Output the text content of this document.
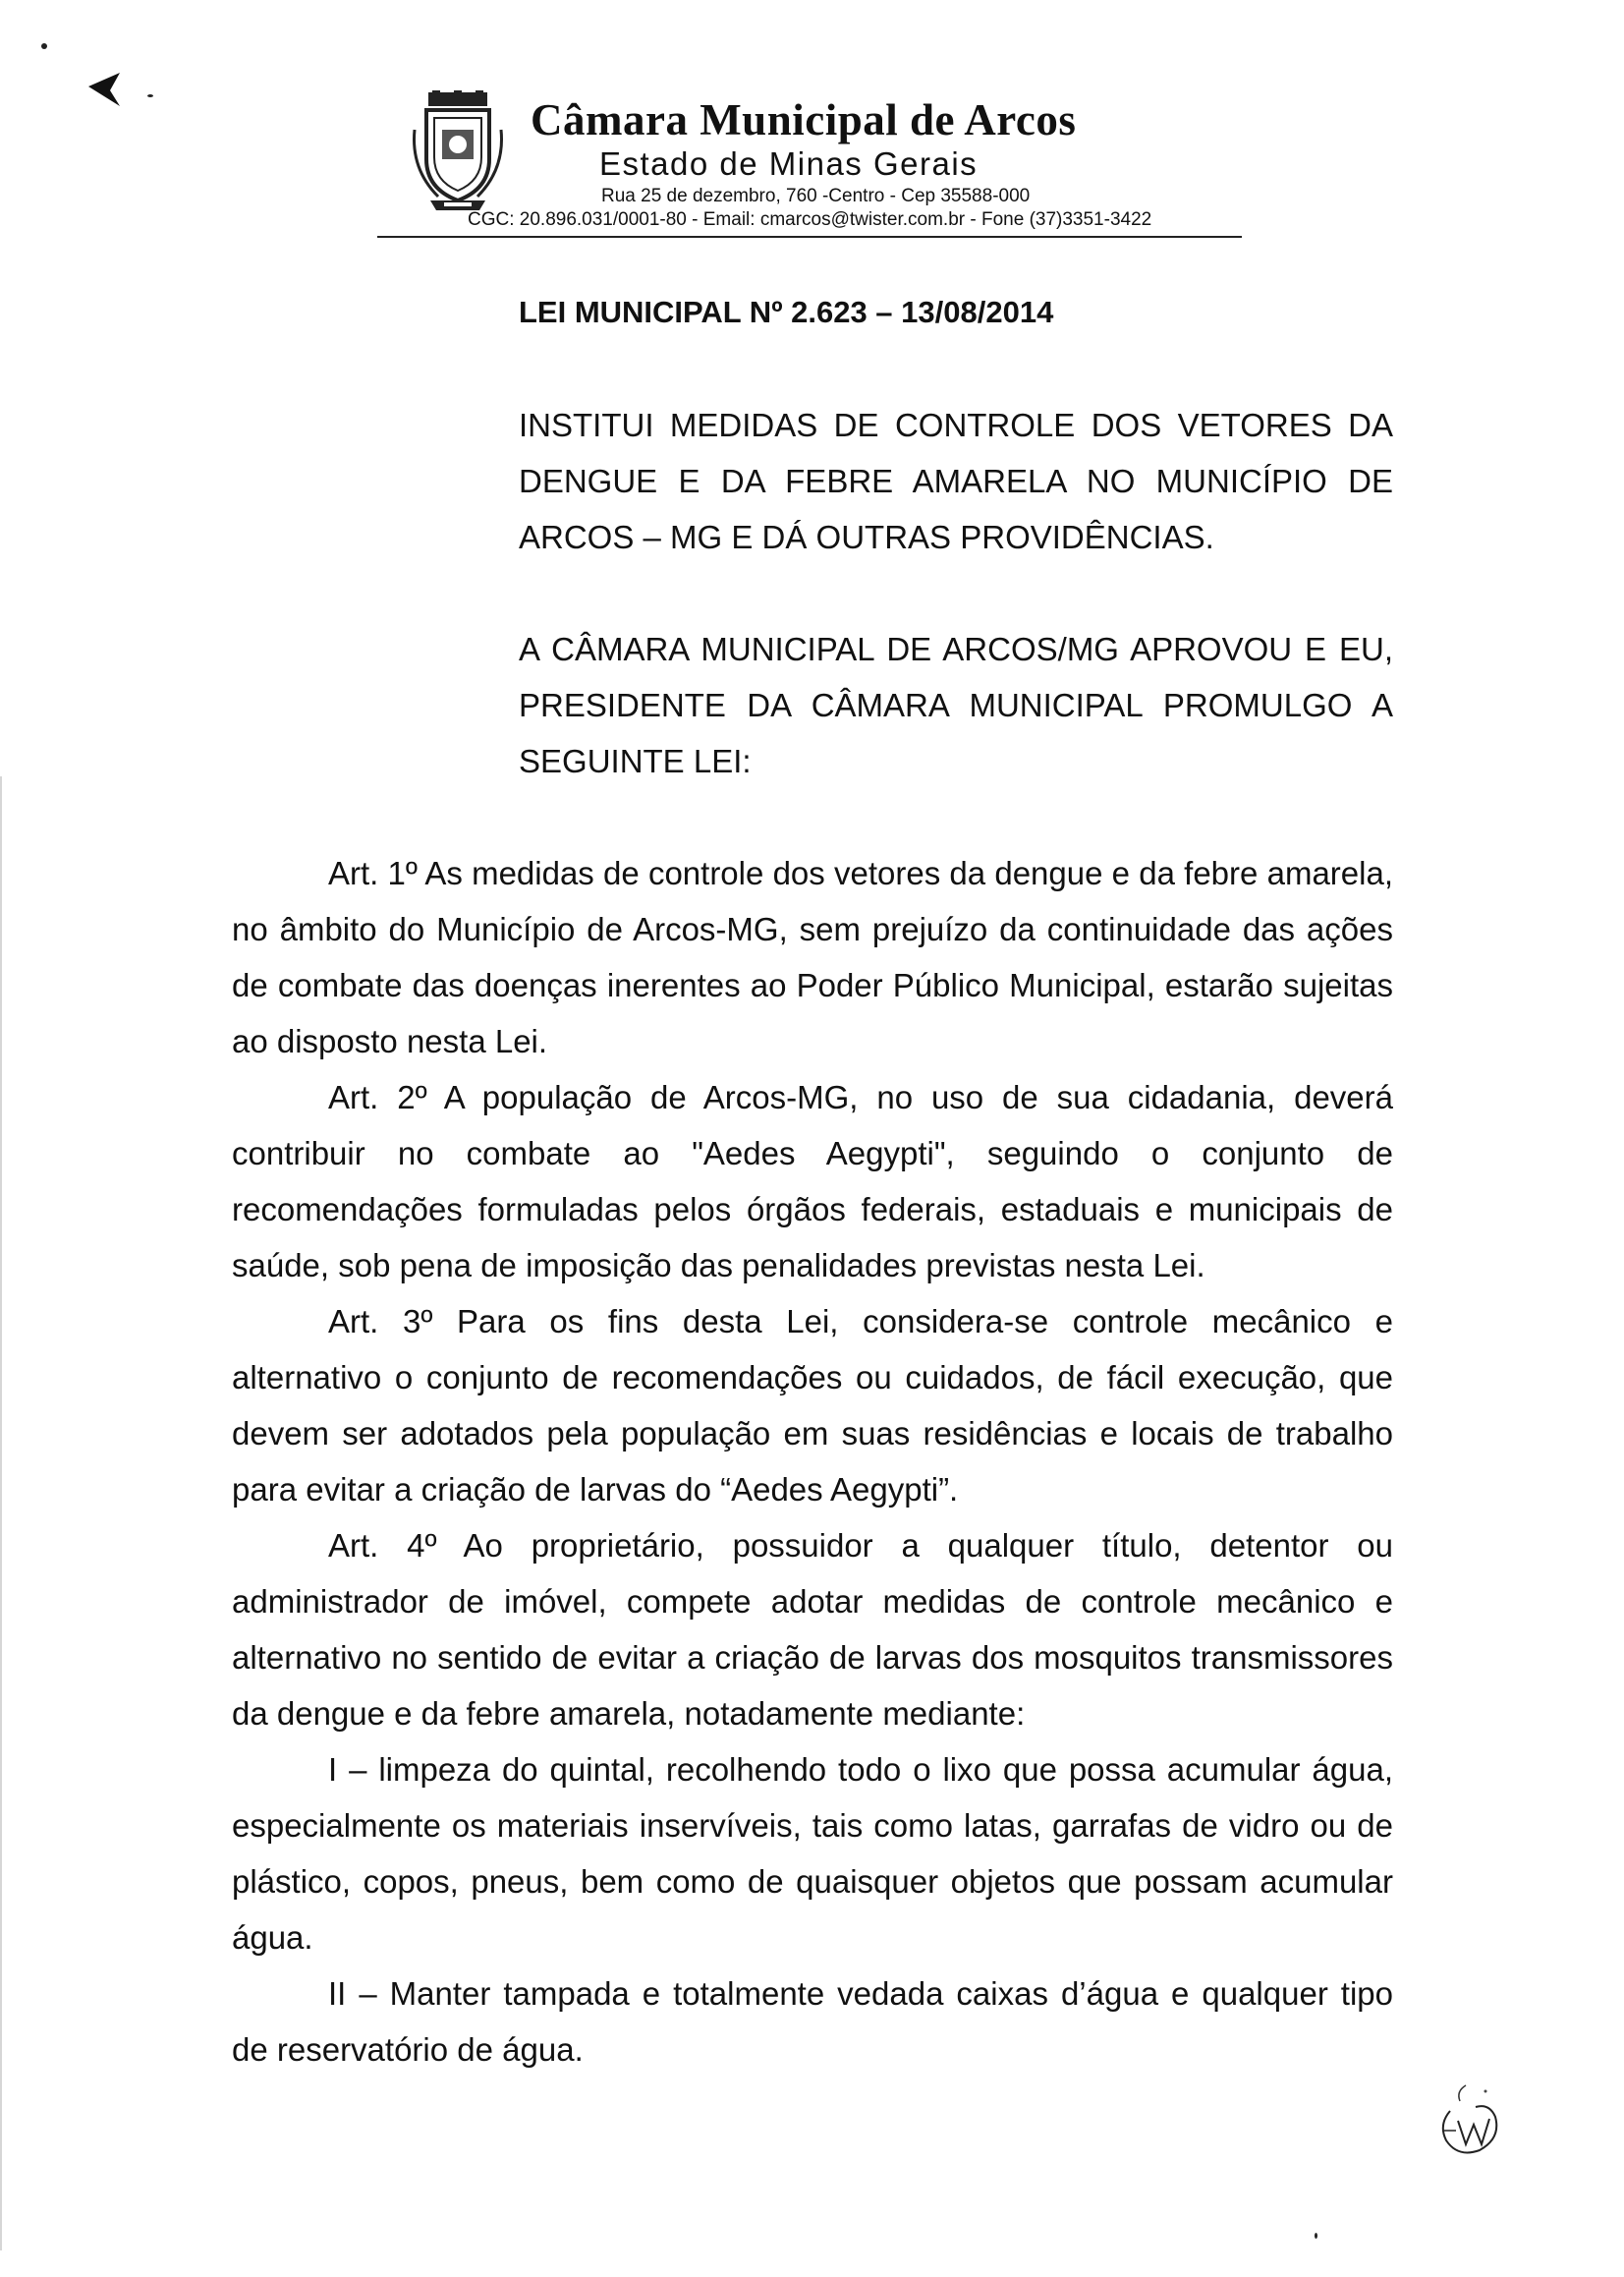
Câmara Municipal de Arcos
Estado de Minas Gerais
Rua 25 de dezembro, 760 -Centro - Cep 35588-000
CGC: 20.896.031/0001-80 - Email: cmarcos@twister.com.br - Fone (37)3351-3422
LEI MUNICIPAL Nº 2.623 – 13/08/2014
INSTITUI MEDIDAS DE CONTROLE DOS VETORES DA DENGUE E DA FEBRE AMARELA NO MUNICÍPIO DE ARCOS – MG E DÁ OUTRAS PROVIDÊNCIAS.
A CÂMARA MUNICIPAL DE ARCOS/MG APROVOU E EU, PRESIDENTE DA CÂMARA MUNICIPAL PROMULGO A SEGUINTE LEI:

Art. 1º As medidas de controle dos vetores da dengue e da febre amarela, no âmbito do Município de Arcos-MG, sem prejuízo da continuidade das ações de combate das doenças inerentes ao Poder Público Municipal, estarão sujeitas ao disposto nesta Lei.

Art. 2º A população de Arcos-MG, no uso de sua cidadania, deverá contribuir no combate ao "Aedes Aegypti", seguindo o conjunto de recomendações formuladas pelos órgãos federais, estaduais e municipais de saúde, sob pena de imposição das penalidades previstas nesta Lei.

Art. 3º Para os fins desta Lei, considera-se controle mecânico e alternativo o conjunto de recomendações ou cuidados, de fácil execução, que devem ser adotados pela população em suas residências e locais de trabalho para evitar a criação de larvas do “Aedes Aegypti”.

Art. 4º Ao proprietário, possuidor a qualquer título, detentor ou administrador de imóvel, compete adotar medidas de controle mecânico e alternativo no sentido de evitar a criação de larvas dos mosquitos transmissores da dengue e da febre amarela, notadamente mediante:

I – limpeza do quintal, recolhendo todo o lixo que possa acumular água, especialmente os materiais inservíveis, tais como latas, garrafas de vidro ou de plástico, copos, pneus, bem como de quaisquer objetos que possam acumular água.

II – Manter tampada e totalmente vedada caixas d’água e qualquer tipo de reservatório de água.
